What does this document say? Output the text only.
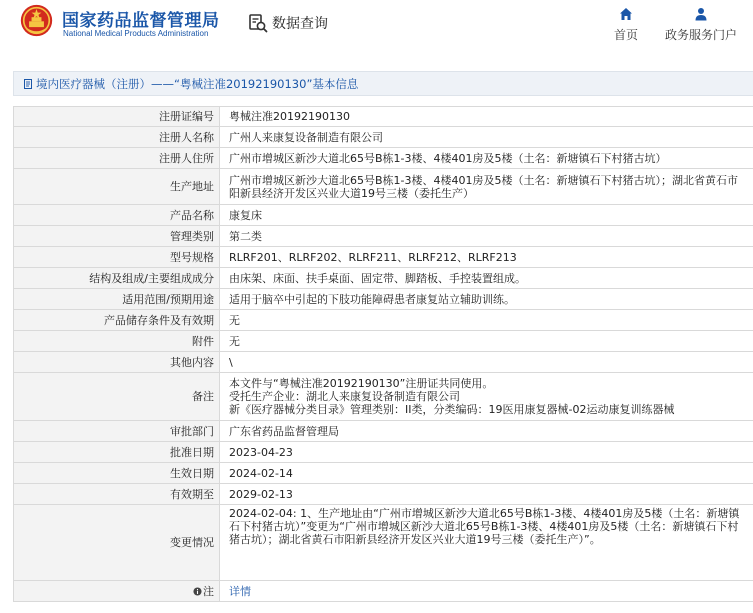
国家药品监督管理局
National Medical Products Administration
数据查询
首页 政务服务门户
境内医疗器械（注册）——“粤械注准20192190130”基本信息
注册证编号	粤械注准20192190130
注册人名称	广州人来康复设备制造有限公司
注册人住所	广州市增城区新沙大道北65号B栋1-3楼、4楼401房及5楼（土名：新塘镇石下村猪古坑）
生产地址	广州市增城区新沙大道北65号B栋1-3楼、4楼401房及5楼（土名：新塘镇石下村猪古坑）；湖北省黄石市阳新县经济开发区兴业大道19号三楼（委托生产）
产品名称	康复床
管理类别	第二类
型号规格	RLRF201、RLRF202、RLRF211、RLRF212、RLRF213
结构及组成/主要组成成分	由床架、床面、扶手桌面、固定带、脚踏板、手控装置组成。
适用范围/预期用途	适用于脑卒中引起的下肢功能障碍患者康复站立辅助训练。
产品储存条件及有效期	无
附件	无
其他内容	\
备注	本文件与“粤械注准20192190130”注册证共同使用。
受托生产企业：湖北人来康复设备制造有限公司
新《医疗器械分类目录》管理类别：II类，分类编码：19医用康复器械-02运动康复训练器械

审批部门	广东省药品监督管理局
批准日期	2023-04-23
生效日期	2024-02-14
有效期至	2029-02-13
变更情况	2024-02-04: 1、生产地址由“广州市增城区新沙大道北65号B栋1-3楼、4楼401房及5楼（土名：新塘镇石下村猪古坑）”变更为“广州市增城区新沙大道北65号B栋1-3楼、4楼401房及5楼（土名：新塘镇石下村猪古坑）；湖北省黄石市阳新县经济开发区兴业大道19号三楼（委托生产）”。
注	详情
